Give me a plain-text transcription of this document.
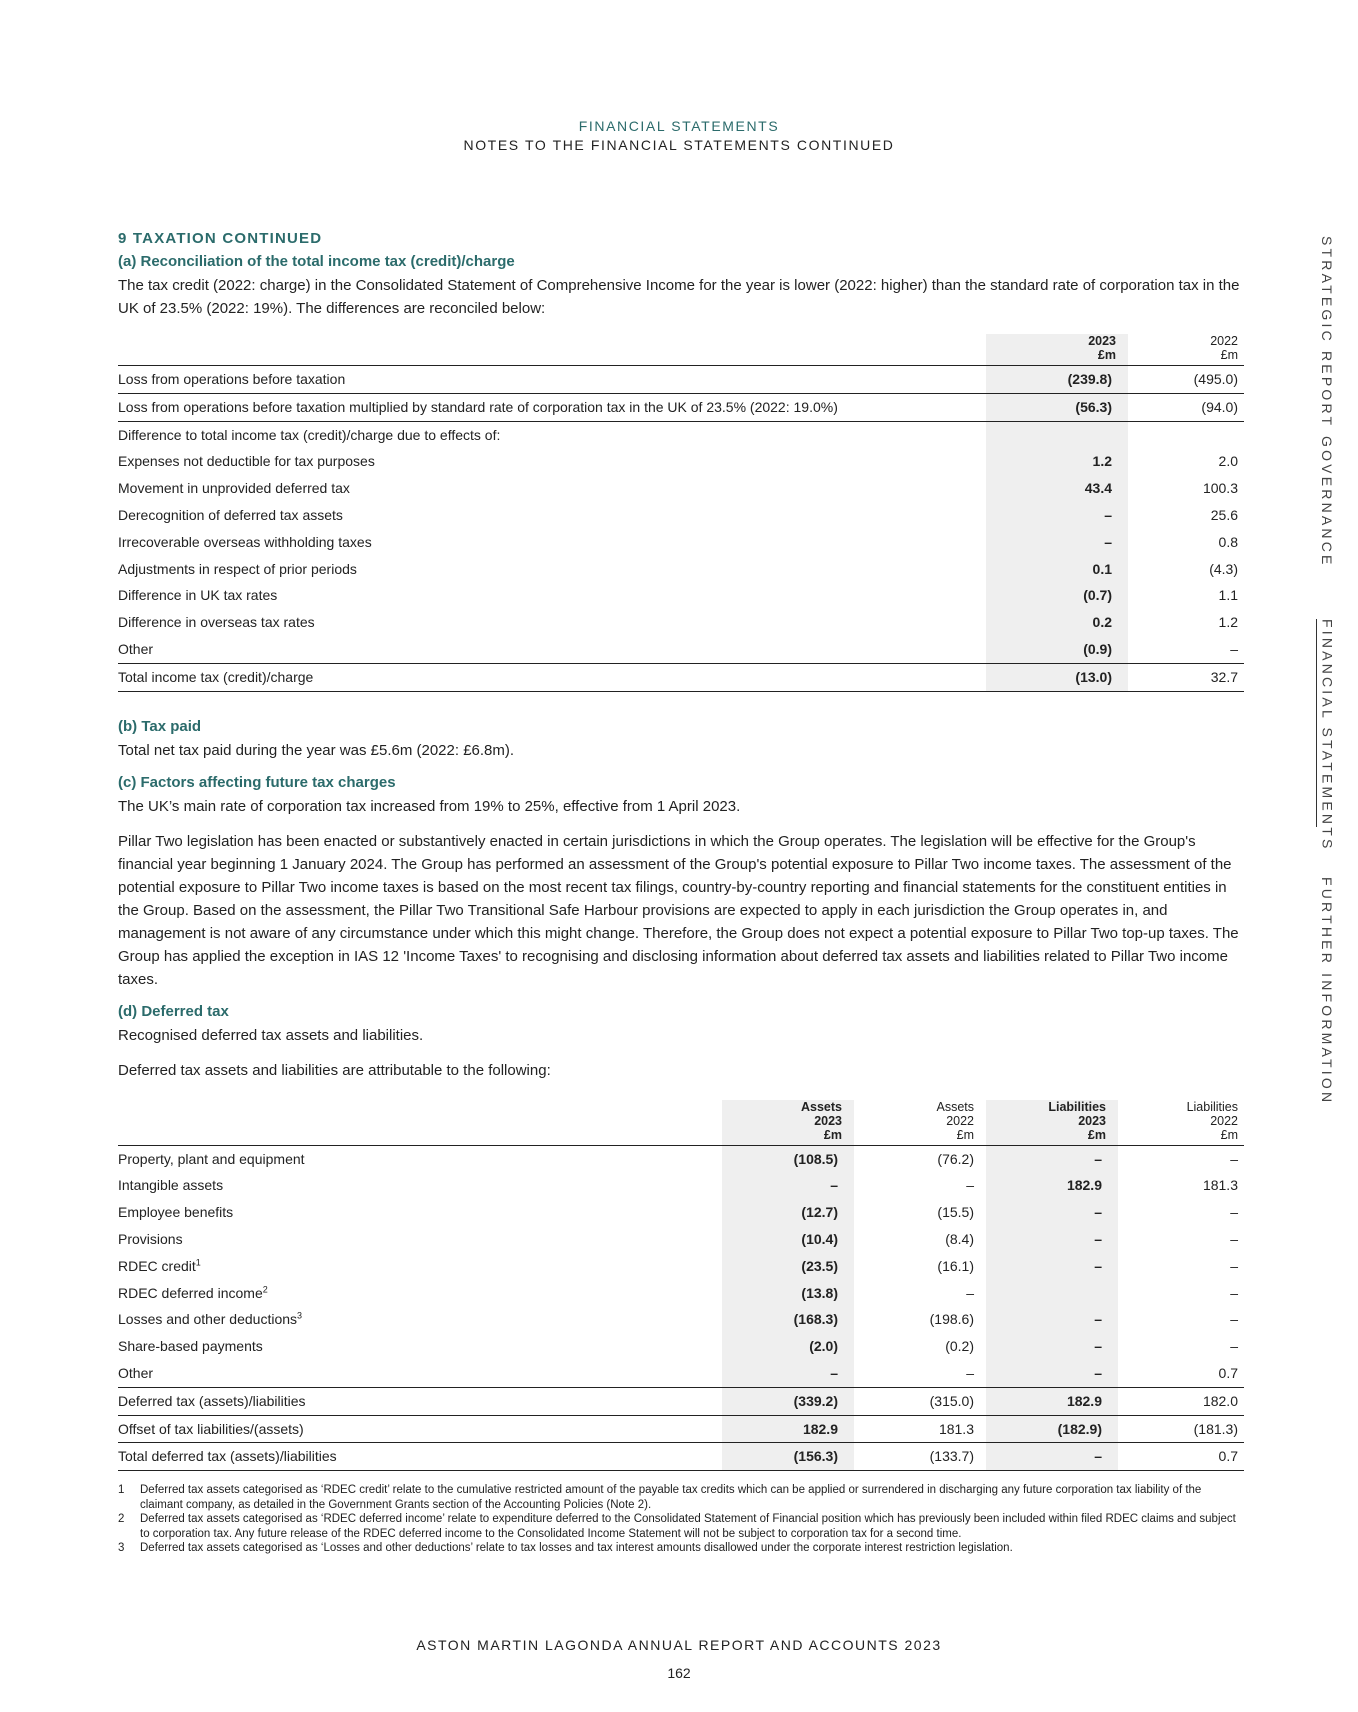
FINANCIAL STATEMENTS
NOTES TO THE FINANCIAL STATEMENTS CONTINUED
STRATEGIC REPORT
GOVERNANCE
FINANCIAL STATEMENTS
FURTHER INFORMATION
9 TAXATION CONTINUED
(a) Reconciliation of the total income tax (credit)/charge

The tax credit (2022: charge) in the Consolidated Statement of Comprehensive Income for the year is lower (2022: higher) than the standard rate of corporation tax in the UK of 23.5% (2022: 19%). The differences are reconciled below:

	2023
£m	2022
£m
Loss from operations before taxation	(239.8)	(495.0)
Loss from operations before taxation multiplied by standard rate of corporation tax in the UK of 23.5% (2022: 19.0%)	(56.3)	(94.0)
Difference to total income tax (credit)/charge due to effects of:		
Expenses not deductible for tax purposes	1.2	2.0
Movement in unprovided deferred tax	43.4	100.3
Derecognition of deferred tax assets	–	25.6
Irrecoverable overseas withholding taxes	–	0.8
Adjustments in respect of prior periods	0.1	(4.3)
Difference in UK tax rates	(0.7)	1.1
Difference in overseas tax rates	0.2	1.2
Other	(0.9)	–
Total income tax (credit)/charge	(13.0)	32.7
(b) Tax paid

Total net tax paid during the year was £5.6m (2022: £6.8m).

(c) Factors affecting future tax charges

The UK’s main rate of corporation tax increased from 19% to 25%, effective from 1 April 2023.

Pillar Two legislation has been enacted or substantively enacted in certain jurisdictions in which the Group operates. The legislation will be effective for the Group's financial year beginning 1 January 2024. The Group has performed an assessment of the Group's potential exposure to Pillar Two income taxes. The assessment of the potential exposure to Pillar Two income taxes is based on the most recent tax filings, country-by-country reporting and financial statements for the constituent entities in the Group. Based on the assessment, the Pillar Two Transitional Safe Harbour provisions are expected to apply in each jurisdiction the Group operates in, and management is not aware of any circumstance under which this might change. Therefore, the Group does not expect a potential exposure to Pillar Two top-up taxes. The Group has applied the exception in IAS 12 'Income Taxes' to recognising and disclosing information about deferred tax assets and liabilities related to Pillar Two income taxes.

(d) Deferred tax

Recognised deferred tax assets and liabilities.

Deferred tax assets and liabilities are attributable to the following:

	Assets
2023
£m	Assets
2022
£m	Liabilities
2023
£m	Liabilities
2022
£m
Property, plant and equipment	(108.5)	(76.2)	–	–
Intangible assets	–	–	182.9	181.3
Employee benefits	(12.7)	(15.5)	–	–
Provisions	(10.4)	(8.4)	–	–
RDEC credit$^1$	(23.5)	(16.1)	–	–
RDEC deferred income$^2$	(13.8)	–		–
Losses and other deductions$^3$	(168.3)	(198.6)	–	–
Share-based payments	(2.0)	(0.2)	–	–
Other	–	–	–	0.7
Deferred tax (assets)/liabilities	(339.2)	(315.0)	182.9	182.0
Offset of tax liabilities/(assets)	182.9	181.3	(182.9)	(181.3)
Total deferred tax (assets)/liabilities	(156.3)	(133.7)	–	0.7
1	Deferred tax assets categorised as ‘RDEC credit’ relate to the cumulative restricted amount of the payable tax credits which can be applied or surrendered in discharging any future corporation tax liability of the claimant company, as detailed in the Government Grants section of the Accounting Policies (Note 2).
2	Deferred tax assets categorised as ‘RDEC deferred income’ relate to expenditure deferred to the Consolidated Statement of Financial position which has previously been included within filed RDEC claims and subject to corporation tax. Any future release of the RDEC deferred income to the Consolidated Income Statement will not be subject to corporation tax for a second time.
3	Deferred tax assets categorised as ‘Losses and other deductions’ relate to tax losses and tax interest amounts disallowed under the corporate interest restriction legislation.
ASTON MARTIN LAGONDA ANNUAL REPORT AND ACCOUNTS 2023
162
